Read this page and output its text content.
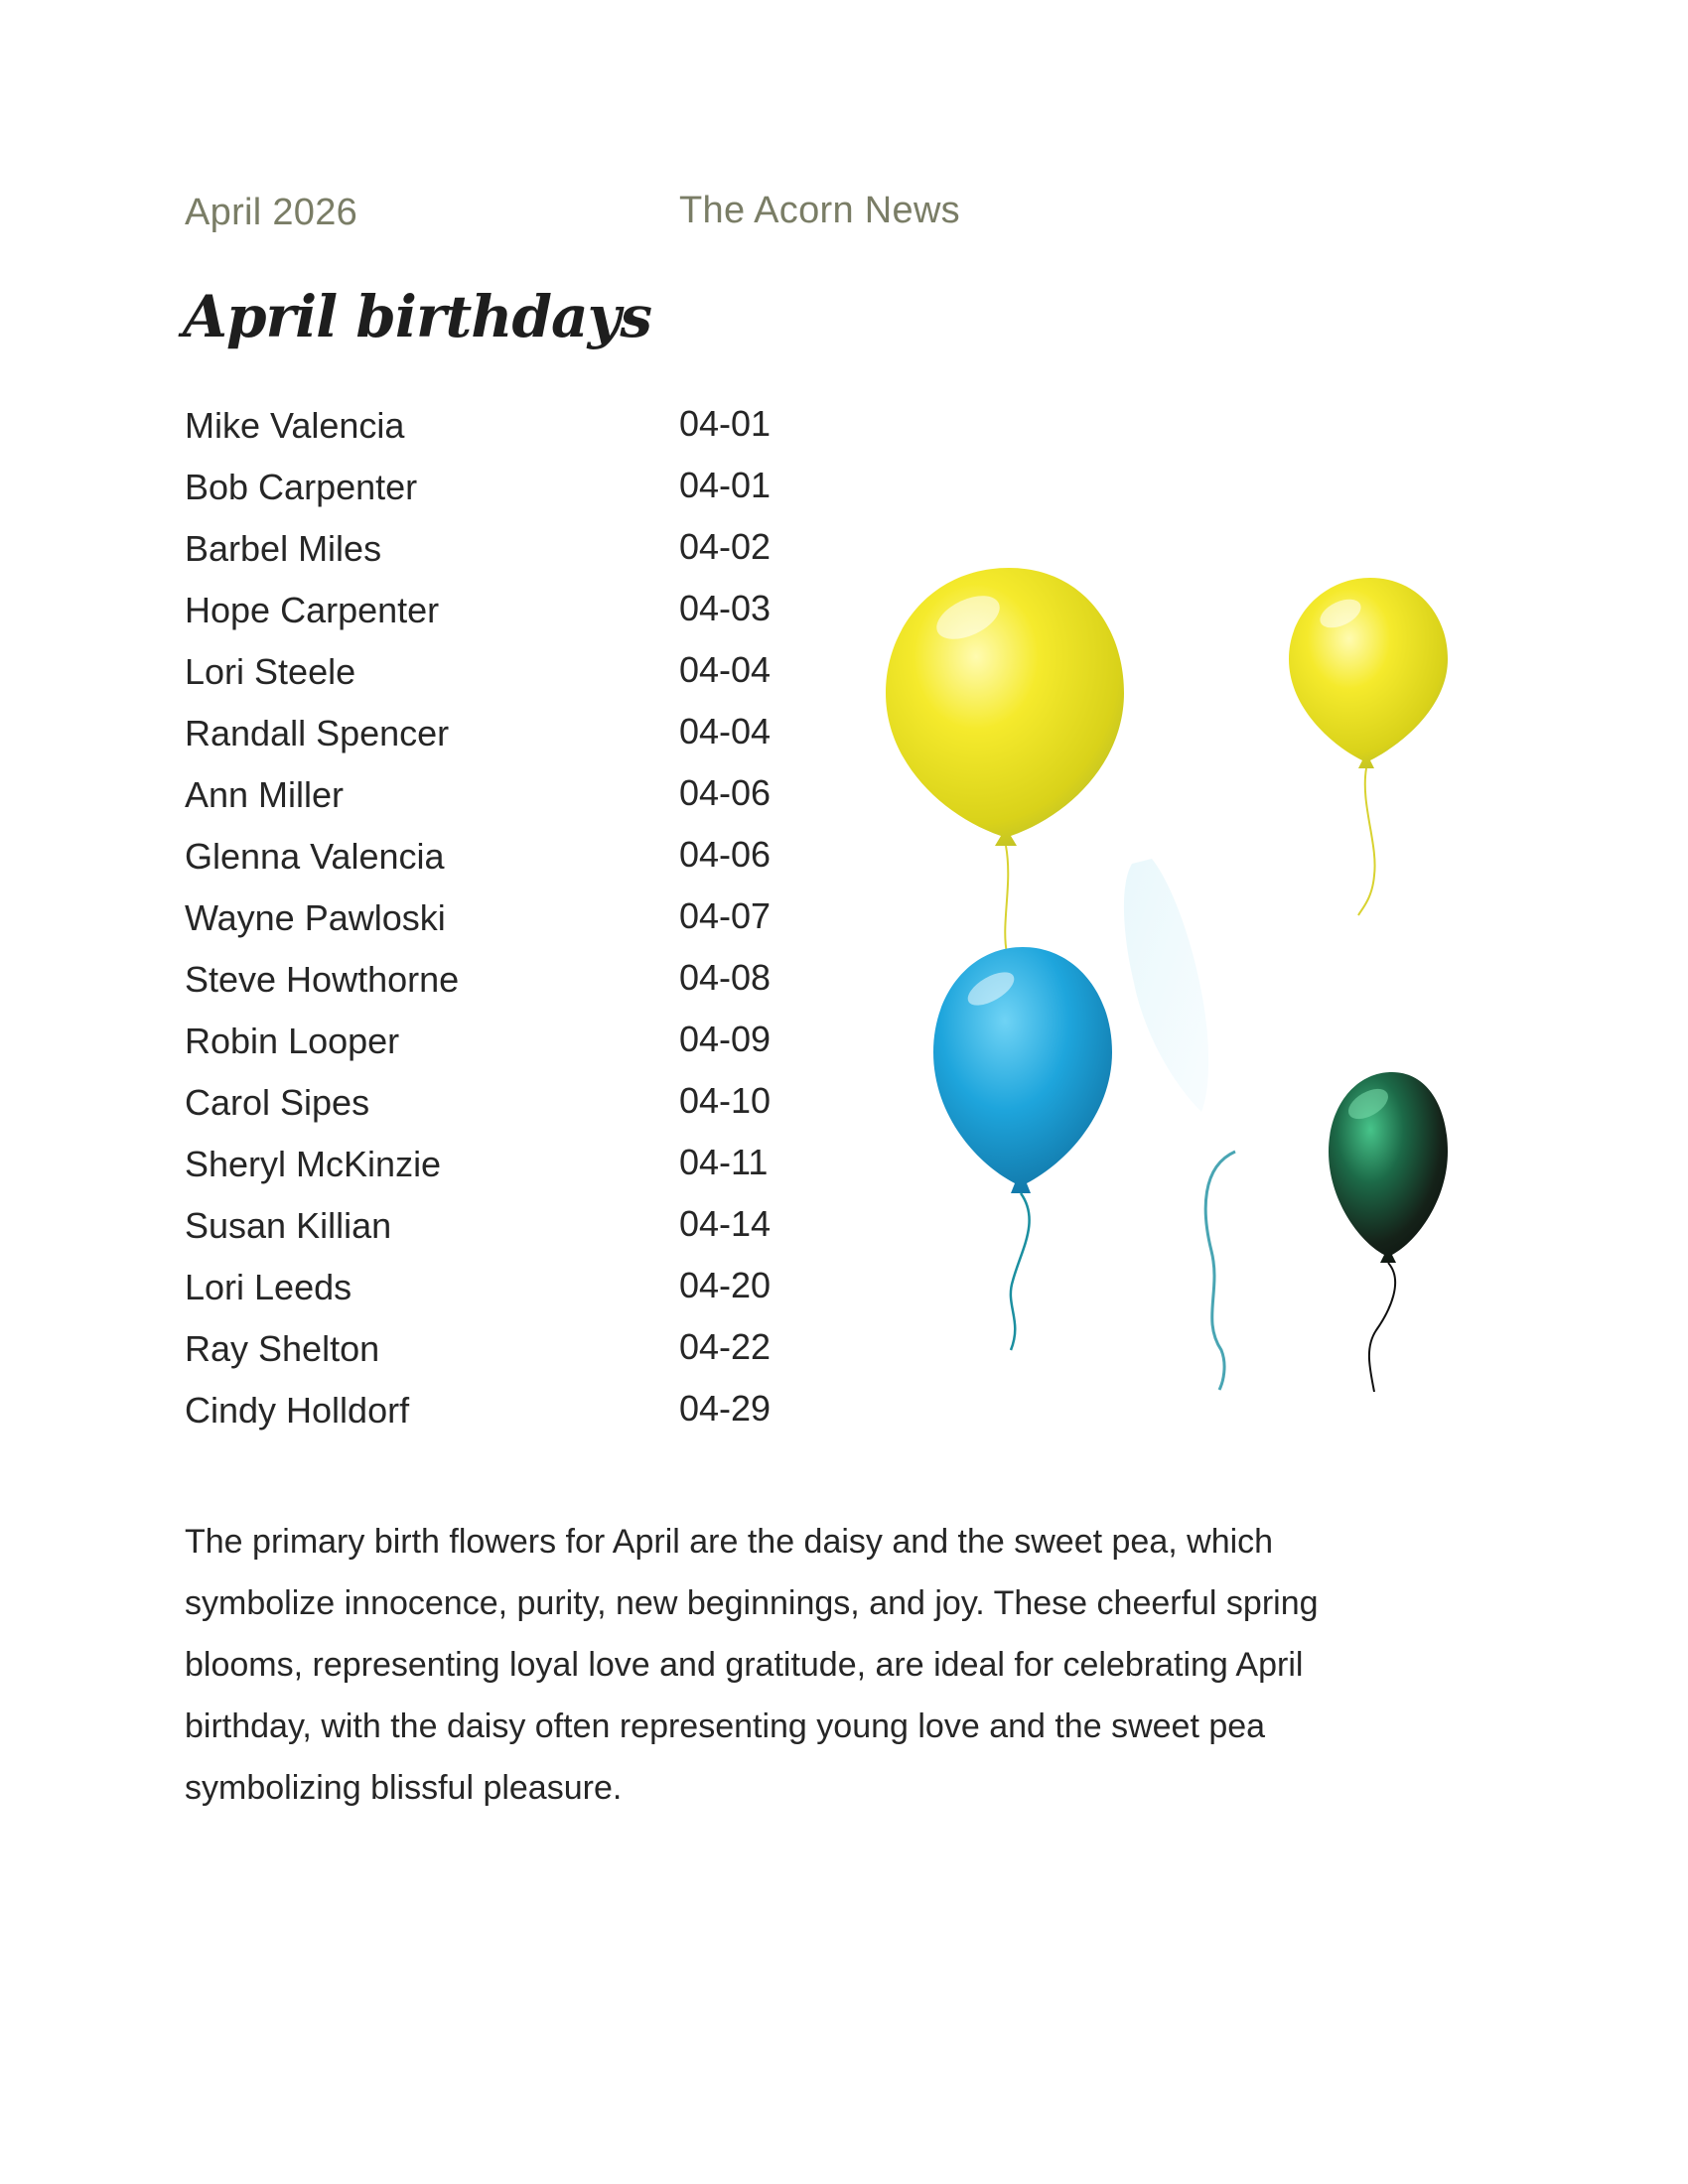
April 2026	The Acorn News
April birthdays
Mike Valencia	04-01
Bob Carpenter	04-01
Barbel Miles	04-02
Hope Carpenter	04-03
Lori Steele	04-04
Randall Spencer	04-04
Ann Miller	04-06
Glenna Valencia	04-06
Wayne Pawloski	04-07
Steve Howthorne	04-08
Robin Looper	04-09
Carol Sipes	04-10
Sheryl McKinzie	04-11
Susan Killian	04-14
Lori Leeds	04-20
Ray Shelton	04-22
Cindy Holldorf	04-29

The primary birth flowers for April are the daisy and the sweet pea, which symbolize innocence, purity, new beginnings, and joy. These cheerful spring blooms, representing loyal love and gratitude, are ideal for celebrating April birthday, with the daisy often representing young love and the sweet pea symbolizing blissful pleasure.
